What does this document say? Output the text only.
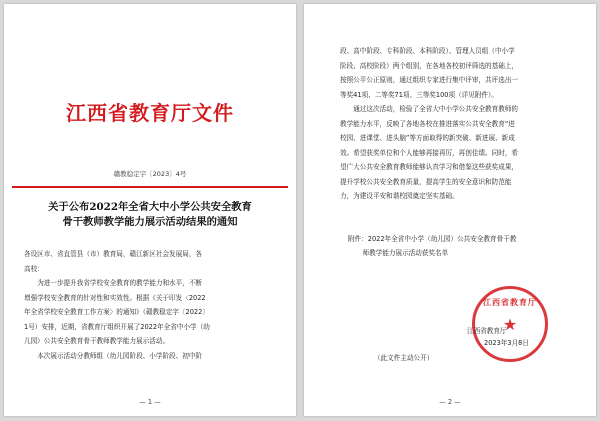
江西省教育厅文件
赣教稳定字〔2023〕4号
关于公布2022年全省大中小学公共安全教育
骨干教师教学能力展示活动结果的通知

各设区市、省直管县（市）教育局，赣江新区社会发展局，各

高校：

为进一步提升我省学校安全教育的教学能力和水平，不断

增强学校安全教育的针对性和实效性。根据《关于印发〈2022

年全省学校安全教育工作方案〉的通知》（赣教稳定字〔2022〕

1号）安排，近期，省教育厅组织开展了2022年全省中小学（幼

儿园）公共安全教育骨干教师教学能力展示活动。

本次展示活动分教师组（幼儿园阶段、小学阶段、初中阶

— 1 —

段、高中阶段、专科阶段、本科阶段）、管理人员组（中小学

阶段、高校阶段）两个组别，在各地各校初评筛选的基础上，

按照公平公正原则，通过组织专家进行集中评审，共评选出一

等奖41项、二等奖71项、三等奖100项（详见附件）。

通过这次活动，检验了全省大中小学公共安全教育教师的

教学能力水平，反映了各地各校在推进落实公共安全教育“进

校园、进课堂、进头脑”等方面取得的新突破、新进展、新成

效。希望获奖单位和个人能够再接再厉，再创佳绩。同时，希

望广大公共安全教育教师能够认真学习和借鉴这些获奖成果，

提升学校公共安全教育质量，提高学生的安全意识和防范能

力，为建设平安和谐校园奠定坚实基础。

附件：2022年全省中小学（幼儿园）公共安全教育骨干教
师教学能力展示活动获奖名单
江西省教育厅
★
江西省教育厅
2023年3月8日
（此文件主动公开）
— 2 —
